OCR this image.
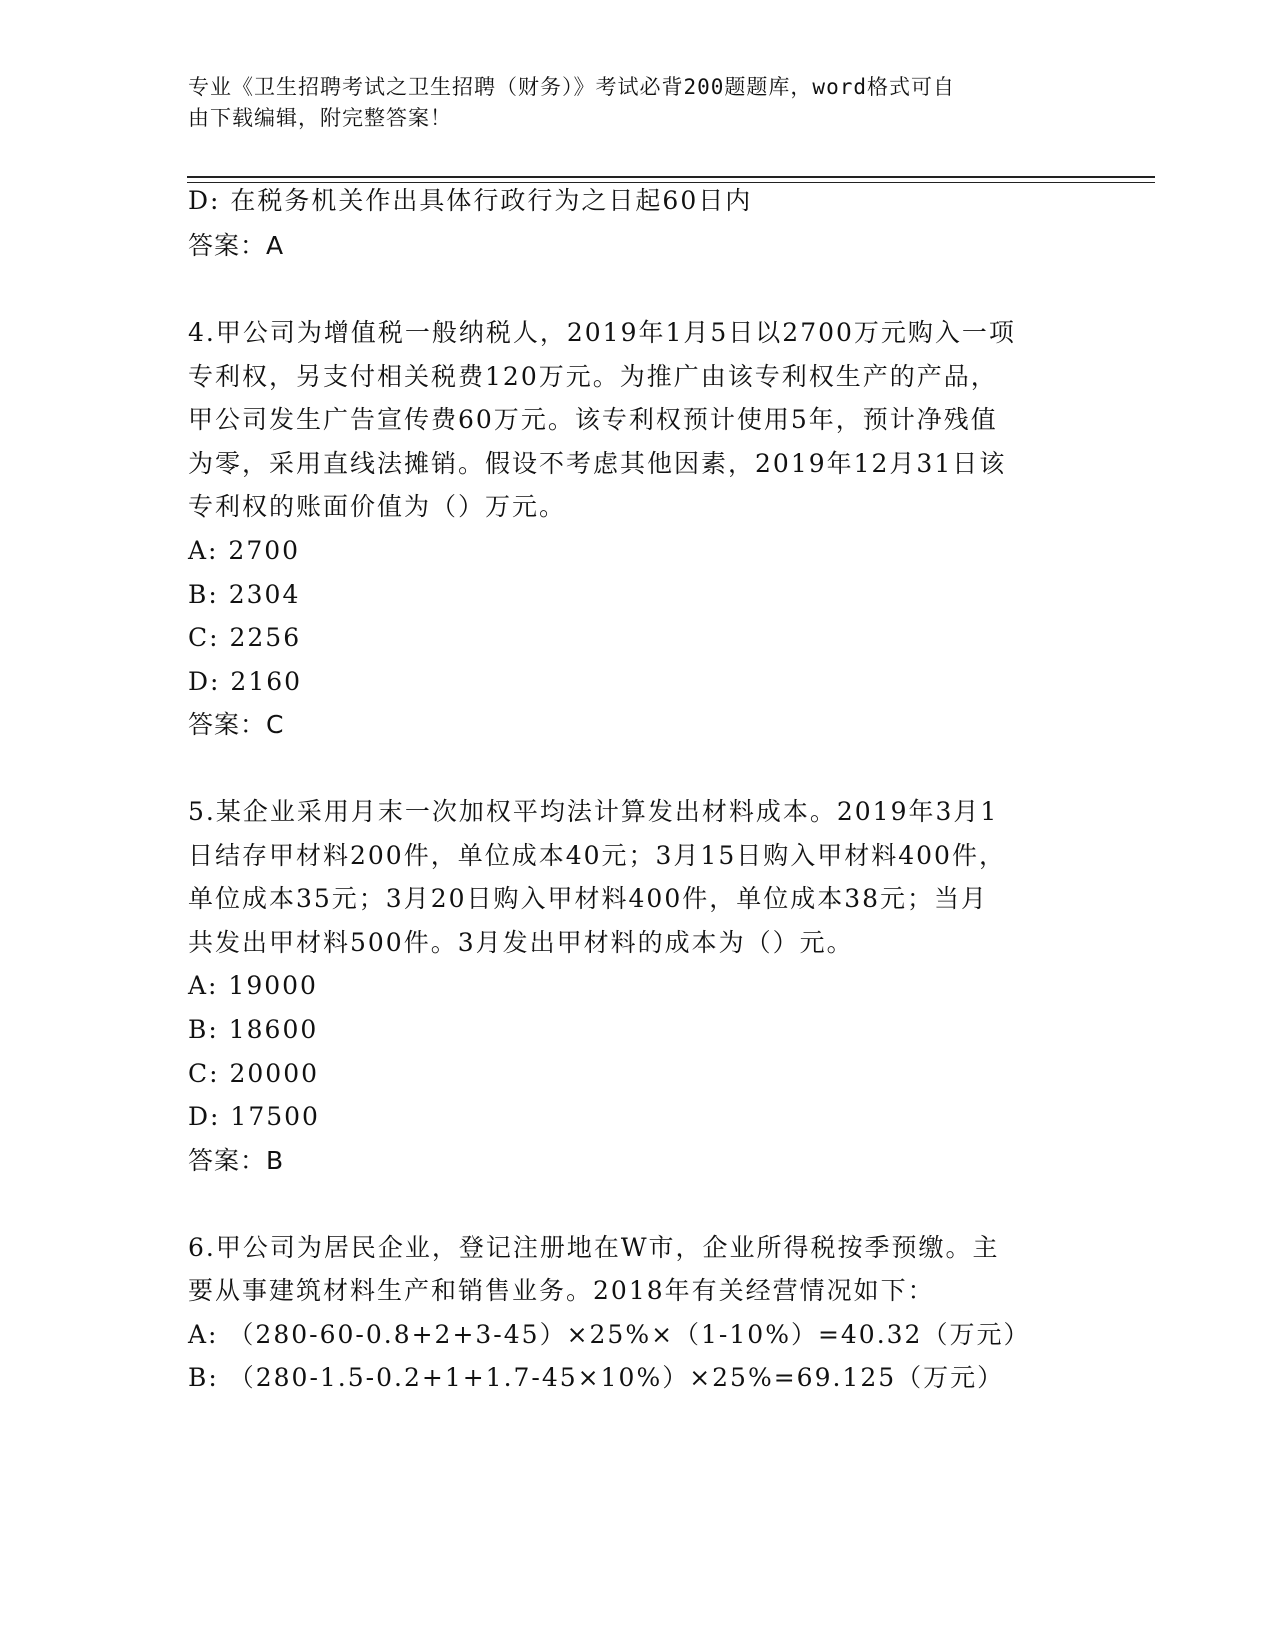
专业《卫生招聘考试之卫生招聘（财务）》考试必背200题题库，word格式可自
由下载编辑，附完整答案！
D: 在税务机关作出具体行政行为之日起60日内
答案：A
4.甲公司为增值税一般纳税人，2019年1月5日以2700万元购入一项
专利权，另支付相关税费120万元。为推广由该专利权生产的产品，
甲公司发生广告宣传费60万元。该专利权预计使用5年，预计净残值
为零，采用直线法摊销。假设不考虑其他因素，2019年12月31日该
专利权的账面价值为（）万元。
A: 2700
B: 2304
C: 2256
D: 2160
答案：C
5.某企业采用月末一次加权平均法计算发出材料成本。2019年3月1
日结存甲材料200件，单位成本40元；3月15日购入甲材料400件，
单位成本35元；3月20日购入甲材料400件，单位成本38元；当月
共发出甲材料500件。3月发出甲材料的成本为（）元。
A: 19000
B: 18600
C: 20000
D: 17500
答案：B
6.甲公司为居民企业，登记注册地在W市，企业所得税按季预缴。主
要从事建筑材料生产和销售业务。2018年有关经营情况如下：
A: （280-60-0.8+2+3-45）×25%×（1-10%）=40.32（万元）
B: （280-1.5-0.2+1+1.7-45×10%）×25%=69.125（万元）
